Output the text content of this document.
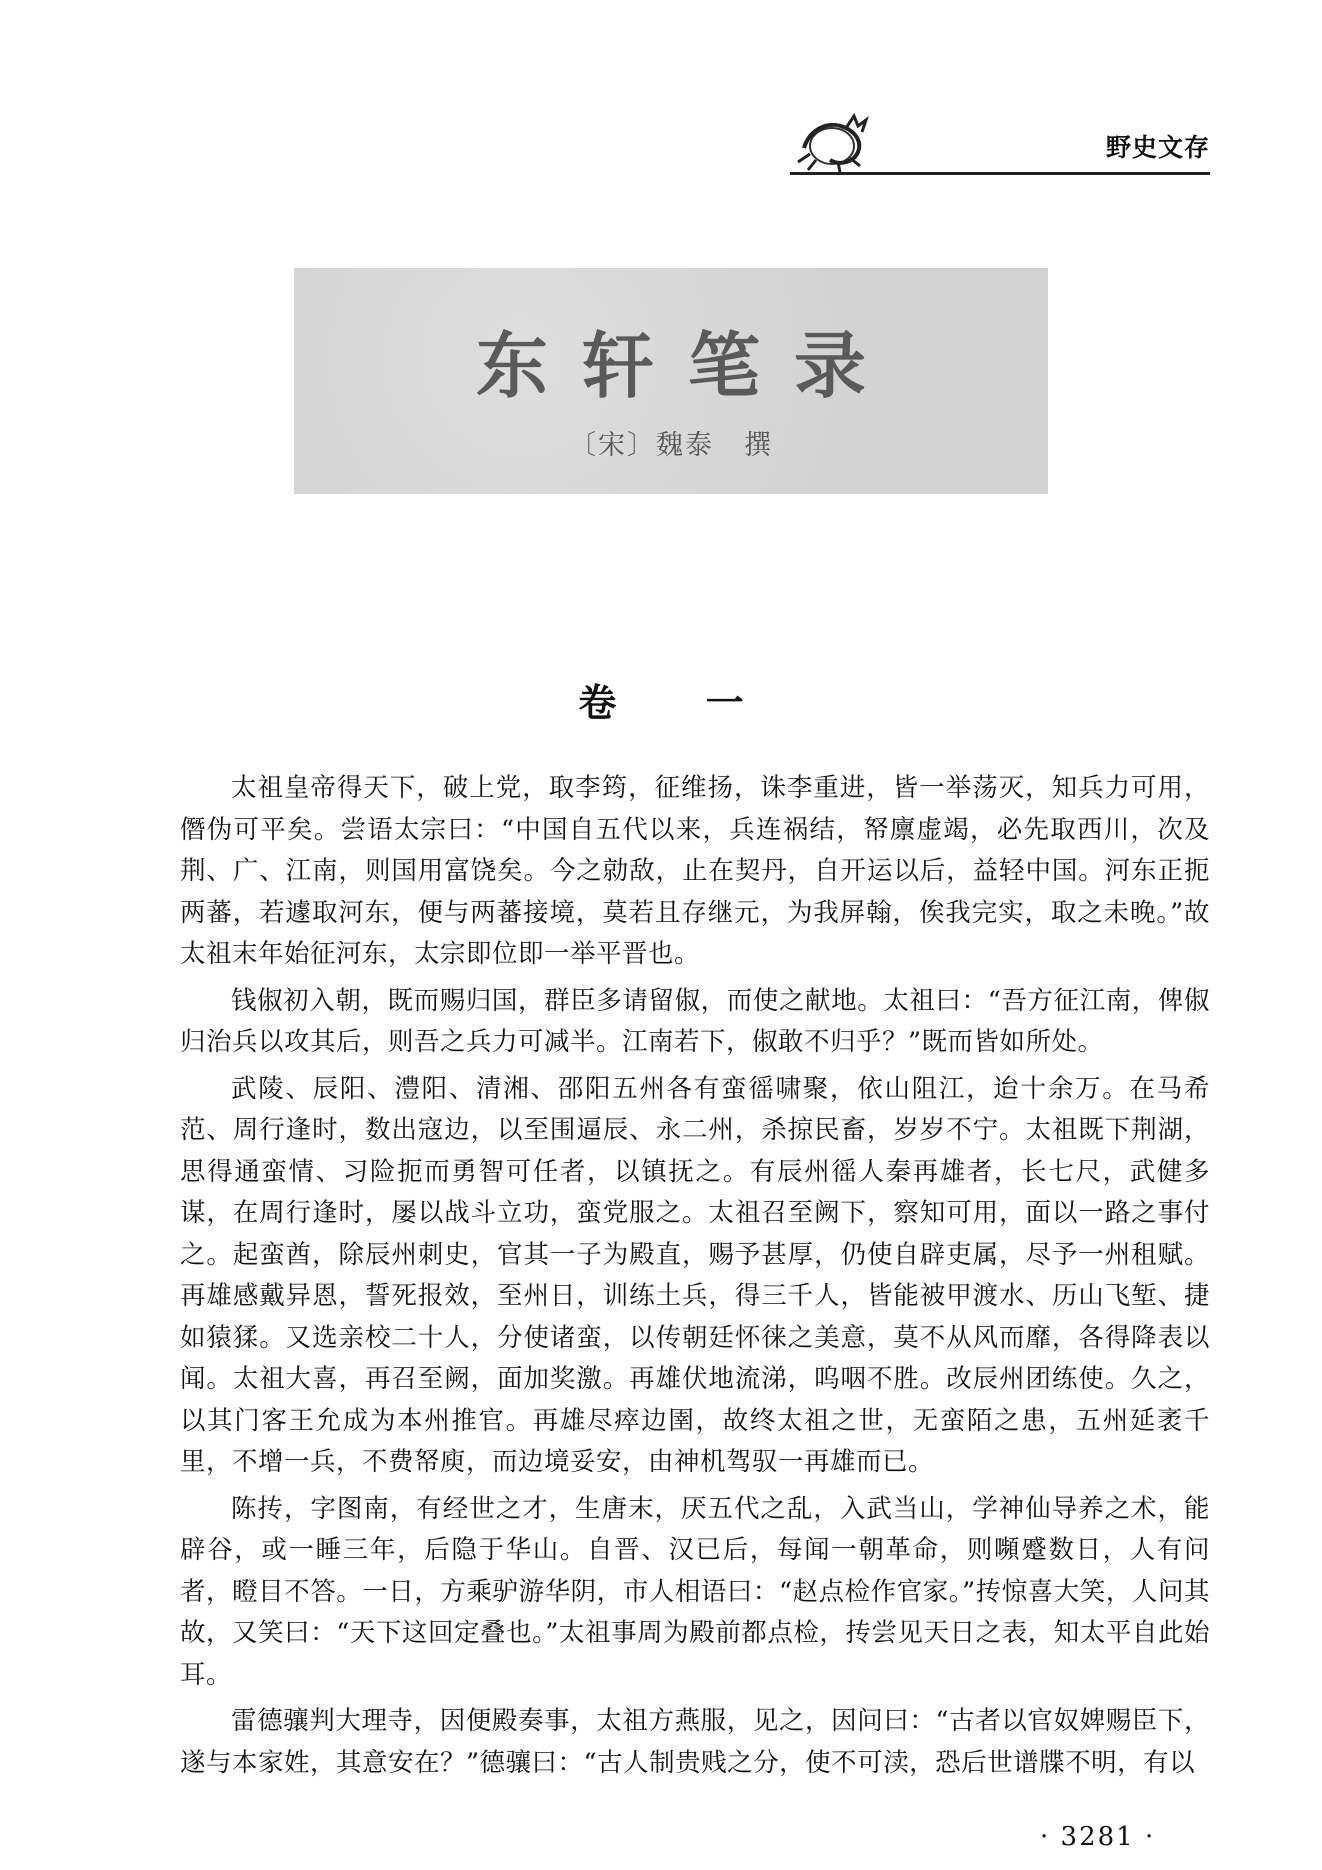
野史文存
东轩笔录
〔宋〕魏泰 撰
卷 一

太祖皇帝得天下，破上党，取李筠，征维扬，诛李重进，皆一举荡灭，知兵力可用，僭伪可平矣。尝语太宗曰：“中国自五代以来，兵连祸结，帑廪虚竭，必先取西川，次及荆、广、江南，则国用富饶矣。今之勍敌，止在契丹，自开运以后，益轻中国。河东正扼两蕃，若遽取河东，便与两蕃接境，莫若且存继元，为我屏翰，俟我完实，取之未晚。”故太祖末年始征河东，太宗即位即一举平晋也。

钱俶初入朝，既而赐归国，群臣多请留俶，而使之献地。太祖曰：“吾方征江南，俾俶归治兵以攻其后，则吾之兵力可减半。江南若下，俶敢不归乎？”既而皆如所处。

武陵、辰阳、澧阳、清湘、邵阳五州各有蛮徭啸聚，依山阻江，迨十余万。在马希范、周行逢时，数出寇边，以至围逼辰、永二州，杀掠民畜，岁岁不宁。太祖既下荆湖，思得通蛮情、习险扼而勇智可任者，以镇抚之。有辰州徭人秦再雄者，长七尺，武健多谋，在周行逢时，屡以战斗立功，蛮党服之。太祖召至阙下，察知可用，面以一路之事付之。起蛮酋，除辰州刺史，官其一子为殿直，赐予甚厚，仍使自辟吏属，尽予一州租赋。再雄感戴异恩，誓死报效，至州日，训练土兵，得三千人，皆能被甲渡水、历山飞堑、捷如猿猱。又选亲校二十人，分使诸蛮，以传朝廷怀徕之美意，莫不从风而靡，各得降表以闻。太祖大喜，再召至阙，面加奖激。再雄伏地流涕，呜咽不胜。改辰州团练使。久之，以其门客王允成为本州推官。再雄尽瘁边圉，故终太祖之世，无蛮陌之患，五州延袤千里，不增一兵，不费帑庾，而边境妥安，由神机驾驭一再雄而已。

陈抟，字图南，有经世之才，生唐末，厌五代之乱，入武当山，学神仙导养之术，能辟谷，或一睡三年，后隐于华山。自晋、汉已后，每闻一朝革命，则嚬蹙数日，人有问者，瞪目不答。一日，方乘驴游华阴，市人相语曰：“赵点检作官家。”抟惊喜大笑，人问其故，又笑曰：“天下这回定叠也。”太祖事周为殿前都点检，抟尝见天日之表，知太平自此始耳。

雷德骧判大理寺，因便殿奏事，太祖方燕服，见之，因问曰：“古者以官奴婢赐臣下，遂与本家姓，其意安在？”德骧曰：“古人制贵贱之分，使不可渎，恐后世谱牒不明，有以

· 3281 ·
